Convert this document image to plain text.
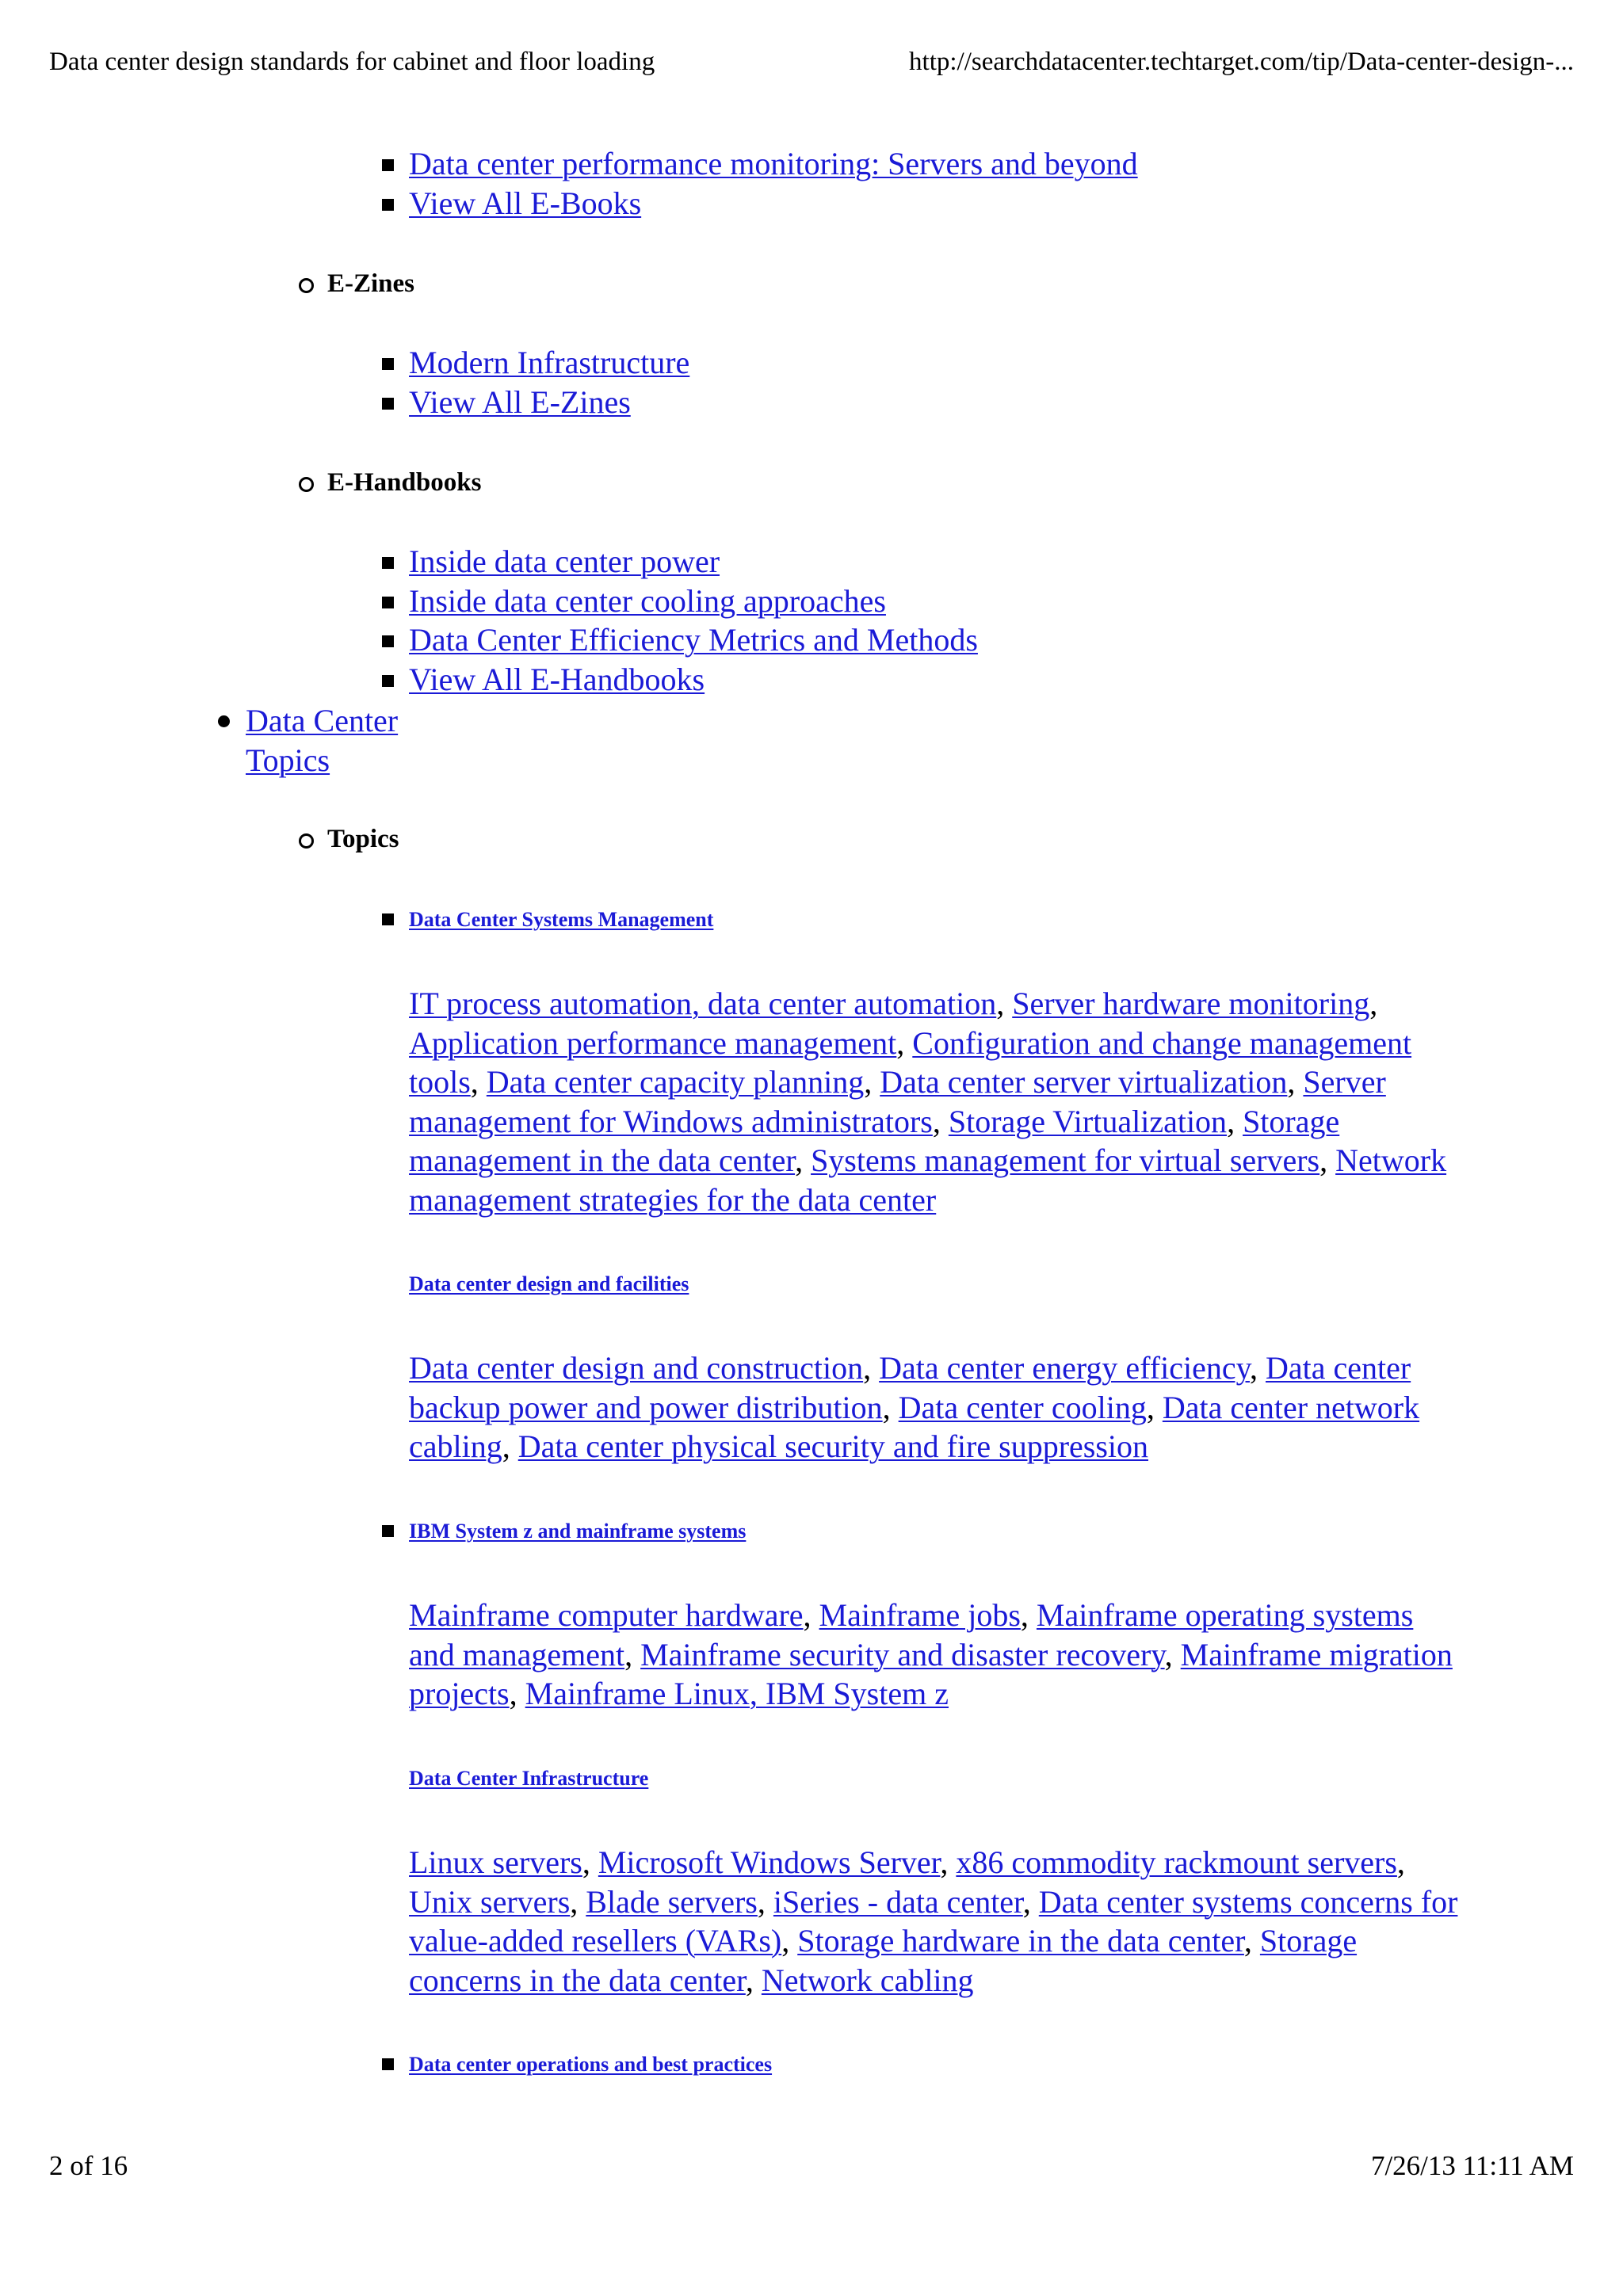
Data center design standards for cabinet and floor loading	http://searchdatacenter.techtarget.com/tip/Data-center-design-...
Data center performance monitoring: Servers and beyond
View All E-Books
E-Zines
Modern Infrastructure
View All E-Zines
E-Handbooks
Inside data center power
Inside data center cooling approaches
Data Center Efficiency Metrics and Methods
View All E-Handbooks
Data Center Topics
Topics
Data Center Systems Management
IT process automation, data center automation, Server hardware monitoring, Application performance management, Configuration and change management tools, Data center capacity planning, Data center server virtualization, Server management for Windows administrators, Storage Virtualization, Storage management in the data center, Systems management for virtual servers, Network management strategies for the data center
Data center design and facilities
Data center design and construction, Data center energy efficiency, Data center backup power and power distribution, Data center cooling, Data center network cabling, Data center physical security and fire suppression
IBM System z and mainframe systems
Mainframe computer hardware, Mainframe jobs, Mainframe operating systems and management, Mainframe security and disaster recovery, Mainframe migration projects, Mainframe Linux, IBM System z
Data Center Infrastructure
Linux servers, Microsoft Windows Server, x86 commodity rackmount servers, Unix servers, Blade servers, iSeries - data center, Data center systems concerns for value-added resellers (VARs), Storage hardware in the data center, Storage concerns in the data center, Network cabling
Data center operations and best practices
2 of 16	7/26/13 11:11 AM
